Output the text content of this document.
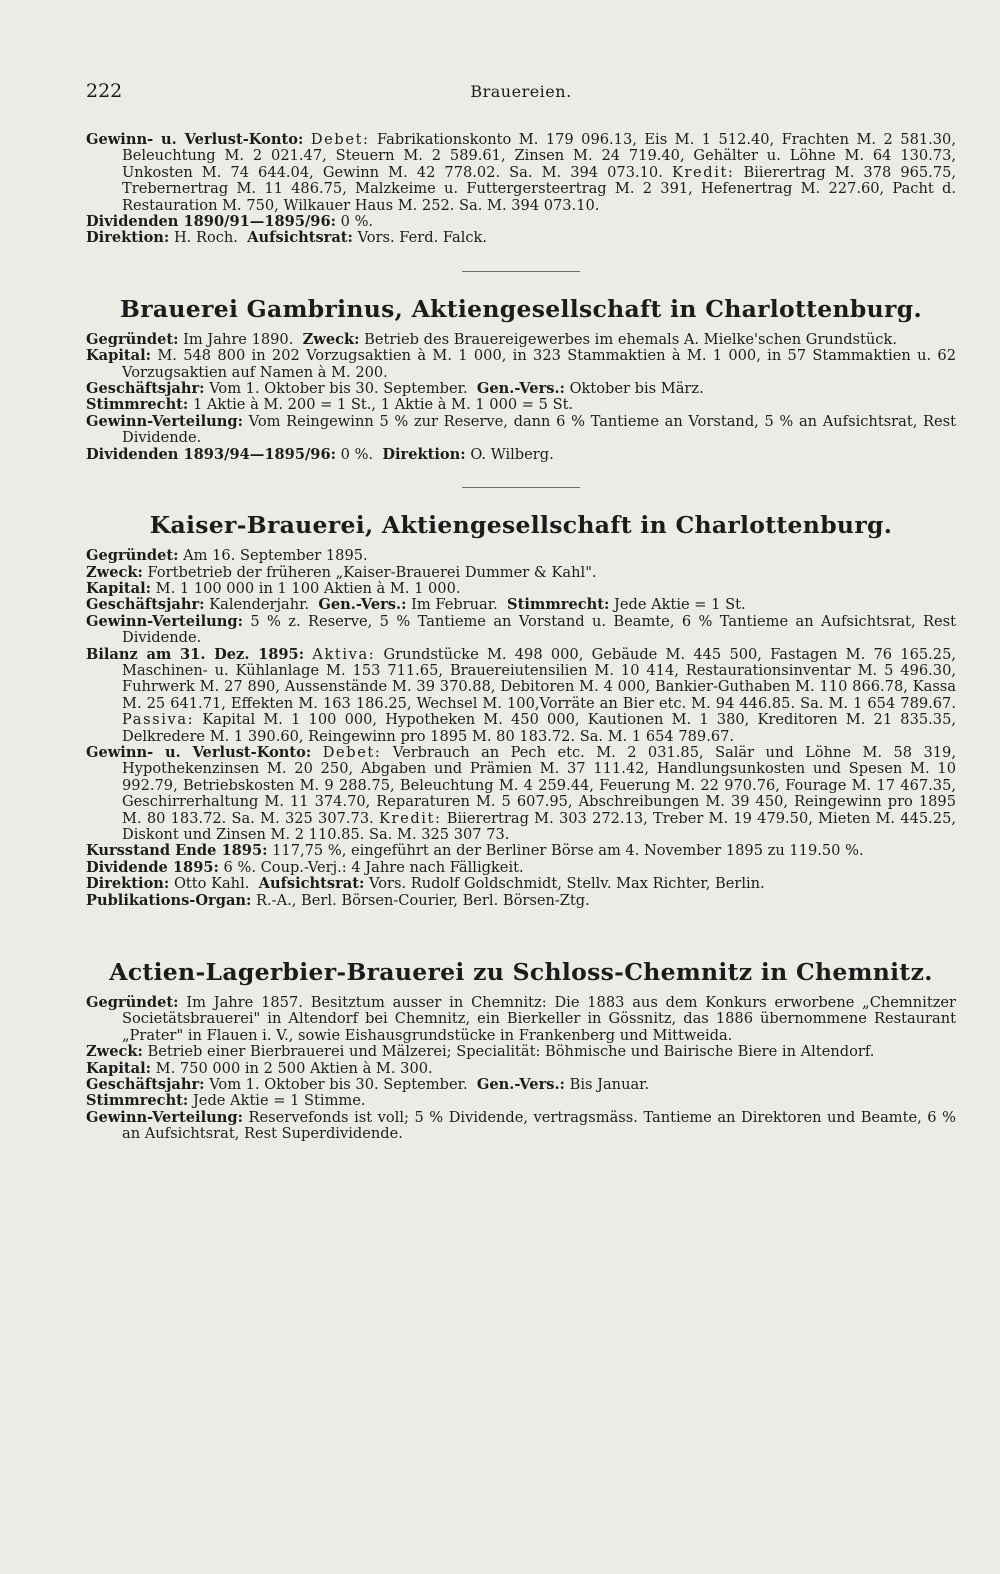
222	Brauereien.

Gewinn- u. Verlust-Konto: Debet: Fabrikationskonto M. 179 096.13, Eis M. 1 512.40, Frachten M. 2 581.30, Beleuchtung M. 2 021.47, Steuern M. 2 589.61, Zinsen M. 24 719.40, Gehälter u. Löhne M. 64 130.73, Unkosten M. 74 644.04, Gewinn M. 42 778.02. Sa. M. 394 073.10. Kredit: Biierertrag M. 378 965.75, Trebernertrag M. 11 486.75, Malzkeime u. Futtergersteertrag M. 2 391, Hefenertrag M. 227.60, Pacht d. Restauration M. 750, Wilkauer Haus M. 252. Sa. M. 394 073.10.

Dividenden 1890/91—1895/96: 0 %.

Direktion: H. Roch. Aufsichtsrat: Vors. Ferd. Falck.

Brauerei Gambrinus, Aktiengesellschaft in Charlottenburg.

Gegründet: Im Jahre 1890. Zweck: Betrieb des Brauereigewerbes im ehemals A. Mielke'schen Grundstück.

Kapital: M. 548 800 in 202 Vorzugsaktien à M. 1 000, in 323 Stammaktien à M. 1 000, in 57 Stammaktien u. 62 Vorzugsaktien auf Namen à M. 200.

Geschäftsjahr: Vom 1. Oktober bis 30. September. Gen.-Vers.: Oktober bis März.

Stimmrecht: 1 Aktie à M. 200 = 1 St., 1 Aktie à M. 1 000 = 5 St.

Gewinn-Verteilung: Vom Reingewinn 5 % zur Reserve, dann 6 % Tantieme an Vorstand, 5 % an Aufsichtsrat, Rest Dividende.

Dividenden 1893/94—1895/96: 0 %. Direktion: O. Wilberg.

Kaiser-Brauerei, Aktiengesellschaft in Charlottenburg.

Gegründet: Am 16. September 1895.

Zweck: Fortbetrieb der früheren „Kaiser-Brauerei Dummer & Kahl".

Kapital: M. 1 100 000 in 1 100 Aktien à M. 1 000.

Geschäftsjahr: Kalenderjahr. Gen.-Vers.: Im Februar. Stimmrecht: Jede Aktie = 1 St.

Gewinn-Verteilung: 5 % z. Reserve, 5 % Tantieme an Vorstand u. Beamte, 6 % Tantieme an Aufsichtsrat, Rest Dividende.

Bilanz am 31. Dez. 1895: Aktiva: Grundstücke M. 498 000, Gebäude M. 445 500, Fastagen M. 76 165.25, Maschinen- u. Kühlanlage M. 153 711.65, Brauereiutensilien M. 10 414, Restaurationsinventar M. 5 496.30, Fuhrwerk M. 27 890, Aussenstände M. 39 370.88, Debitoren M. 4 000, Bankier-Guthaben M. 110 866.78, Kassa M. 25 641.71, Effekten M. 163 186.25, Wechsel M. 100,Vorräte an Bier etc. M. 94 446.85. Sa. M. 1 654 789.67. Passiva: Kapital M. 1 100 000, Hypotheken M. 450 000, Kautionen M. 1 380, Kreditoren M. 21 835.35, Delkredere M. 1 390.60, Reingewinn pro 1895 M. 80 183.72. Sa. M. 1 654 789.67.

Gewinn- u. Verlust-Konto: Debet: Verbrauch an Pech etc. M. 2 031.85, Salär und Löhne M. 58 319, Hypothekenzinsen M. 20 250, Abgaben und Prämien M. 37 111.42, Handlungsunkosten und Spesen M. 10 992.79, Betriebskosten M. 9 288.75, Beleuchtung M. 4 259.44, Feuerung M. 22 970.76, Fourage M. 17 467.35, Geschirrerhaltung M. 11 374.70, Reparaturen M. 5 607.95, Abschreibungen M. 39 450, Reingewinn pro 1895 M. 80 183.72. Sa. M. 325 307.73. Kredit: Biierertrag M. 303 272.13, Treber M. 19 479.50, Mieten M. 445.25, Diskont und Zinsen M. 2 110.85. Sa. M. 325 307 73.

Kursstand Ende 1895: 117,75 %, eingeführt an der Berliner Börse am 4. November 1895 zu 119.50 %.

Dividende 1895: 6 %. Coup.-Verj.: 4 Jahre nach Fälligkeit.

Direktion: Otto Kahl. Aufsichtsrat: Vors. Rudolf Goldschmidt, Stellv. Max Richter, Berlin.

Publikations-Organ: R.-A., Berl. Börsen-Courier, Berl. Börsen-Ztg.

Actien-Lagerbier-Brauerei zu Schloss-Chemnitz in Chemnitz.

Gegründet: Im Jahre 1857. Besitztum ausser in Chemnitz: Die 1883 aus dem Konkurs erworbene „Chemnitzer Societätsbrauerei" in Altendorf bei Chemnitz, ein Bierkeller in Gössnitz, das 1886 übernommene Restaurant „Prater" in Flauen i. V., sowie Eishausgrundstücke in Frankenberg und Mittweida.

Zweck: Betrieb einer Bierbrauerei und Mälzerei; Specialität: Böhmische und Bairische Biere in Altendorf.

Kapital: M. 750 000 in 2 500 Aktien à M. 300.

Geschäftsjahr: Vom 1. Oktober bis 30. September. Gen.-Vers.: Bis Januar.

Stimmrecht: Jede Aktie = 1 Stimme.

Gewinn-Verteilung: Reservefonds ist voll; 5 % Dividende, vertragsmäss. Tantieme an Direktoren und Beamte, 6 % an Aufsichtsrat, Rest Superdividende.
